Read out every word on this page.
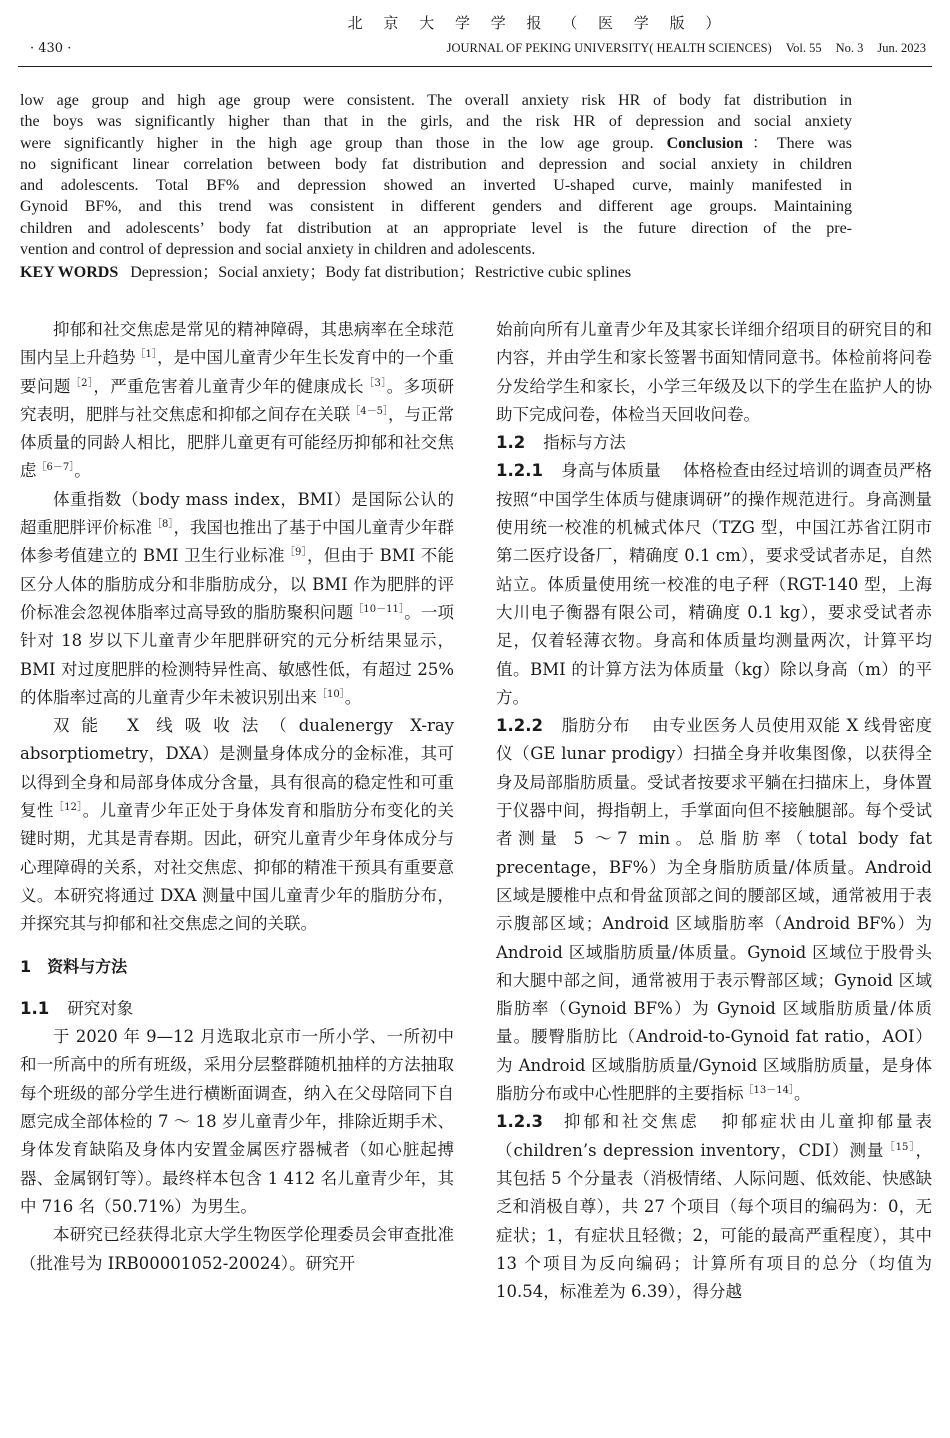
· 430 ·
北 京 大 学 学 报 （ 医 学 版 ）
JOURNAL OF PEKING UNIVERSITY( HEALTH SCIENCES) Vol. 55 No. 3 Jun. 2023
low age group and high age group were consistent. The overall anxiety risk HR of body fat distribution in
the boys was significantly higher than that in the girls, and the risk HR of depression and social anxiety
were significantly higher in the high age group than those in the low age group. Conclusion：There was
no significant linear correlation between body fat distribution and depression and social anxiety in children
and adolescents. Total BF% and depression showed an inverted U-shaped curve, mainly manifested in
Gynoid BF%, and this trend was consistent in different genders and different age groups. Maintaining
children and adolescents’ body fat distribution at an appropriate level is the future direction of the pre-
vention and control of depression and social anxiety in children and adolescents.
KEY WORDS Depression；Social anxiety；Body fat distribution；Restrictive cubic splines

抑郁和社交焦虑是常见的精神障碍，其患病率在全球范围内呈上升趋势$^{[1]}$，是中国儿童青少年生长发育中的一个重要问题$^{[2]}$，严重危害着儿童青少年的健康成长$^{[3]}$。多项研究表明，肥胖与社交焦虑和抑郁之间存在关联$^{[4-5]}$，与正常体质量的同龄人相比，肥胖儿童更有可能经历抑郁和社交焦虑$^{[6-7]}$。

体重指数（body mass index，BMI）是国际公认的超重肥胖评价标准$^{[8]}$，我国也推出了基于中国儿童青少年群体参考值建立的 BMI 卫生行业标准$^{[9]}$，但由于 BMI 不能区分人体的脂肪成分和非脂肪成分，以 BMI 作为肥胖的评价标准会忽视体脂率过高导致的脂肪聚积问题$^{[10-11]}$。一项针对 18 岁以下儿童青少年肥胖研究的元分析结果显示，BMI 对过度肥胖的检测特异性高、敏感性低，有超过 25% 的体脂率过高的儿童青少年未被识别出来$^{[10]}$。

双能 X 线吸收法（dualenergy X-ray absorptiometry，DXA）是测量身体成分的金标准，其可以得到全身和局部身体成分含量，具有很高的稳定性和可重复性$^{[12]}$。儿童青少年正处于身体发育和脂肪分布变化的关键时期，尤其是青春期。因此，研究儿童青少年身体成分与心理障碍的关系，对社交焦虑、抑郁的精准干预具有重要意义。本研究将通过 DXA 测量中国儿童青少年的脂肪分布，并探究其与抑郁和社交焦虑之间的关联。

1　资料与方法

1.1 研究对象

于 2020 年 9—12 月选取北京市一所小学、一所初中和一所高中的所有班级，采用分层整群随机抽样的方法抽取每个班级的部分学生进行横断面调查，纳入在父母陪同下自愿完成全部体检的 7 ～ 18 岁儿童青少年，排除近期手术、身体发育缺陷及身体内安置金属医疗器械者（如心脏起搏器、金属钢钉等）。最终样本包含 1 412 名儿童青少年，其中 716 名（50.71%）为男生。

本研究已经获得北京大学生物医学伦理委员会审查批准（批准号为 IRB00001052-20024）。研究开

始前向所有儿童青少年及其家长详细介绍项目的研究目的和内容，并由学生和家长签署书面知情同意书。体检前将问卷分发给学生和家长，小学三年级及以下的学生在监护人的协助下完成问卷，体检当天回收问卷。

1.2 指标与方法

1.2.1 身高与体质量 体格检查由经过培训的调查员严格按照“中国学生体质与健康调研”的操作规范进行。身高测量使用统一校准的机械式体尺（TZG 型，中国江苏省江阴市第二医疗设备厂，精确度 0.1 cm），要求受试者赤足，自然站立。体质量使用统一校准的电子秤（RGT-140 型，上海大川电子衡器有限公司，精确度 0.1 kg），要求受试者赤足，仅着轻薄衣物。身高和体质量均测量两次，计算平均值。BMI 的计算方法为体质量（kg）除以身高（m）的平方。

1.2.2 脂肪分布 由专业医务人员使用双能 X 线骨密度仪（GE lunar prodigy）扫描全身并收集图像，以获得全身及局部脂肪质量。受试者按要求平躺在扫描床上，身体置于仪器中间，拇指朝上，手掌面向但不接触腿部。每个受试者测量 5 ～7 min。总脂肪率（total body fat precentage，BF%）为全身脂肪质量/体质量。Android 区域是腰椎中点和骨盆顶部之间的腰部区域，通常被用于表示腹部区域；Android 区域脂肪率（Android BF%）为 Android 区域脂肪质量/体质量。Gynoid 区域位于股骨头和大腿中部之间，通常被用于表示臀部区域；Gynoid 区域脂肪率（Gynoid BF%）为 Gynoid 区域脂肪质量/体质量。腰臀脂肪比（Android-to-Gynoid fat ratio，AOI）为 Android 区域脂肪质量/Gynoid 区域脂肪质量，是身体脂肪分布或中心性肥胖的主要指标$^{[13-14]}$。

1.2.3 抑郁和社交焦虑 抑郁症状由儿童抑郁量表（children’s depression inventory，CDI）测量$^{[15]}$，其包括 5 个分量表（消极情绪、人际问题、低效能、快感缺乏和消极自尊），共 27 个项目（每个项目的编码为：0，无症状；1，有症状且轻微；2，可能的最高严重程度），其中 13 个项目为反向编码；计算所有项目的总分（均值为 10.54，标准差为 6.39），得分越
